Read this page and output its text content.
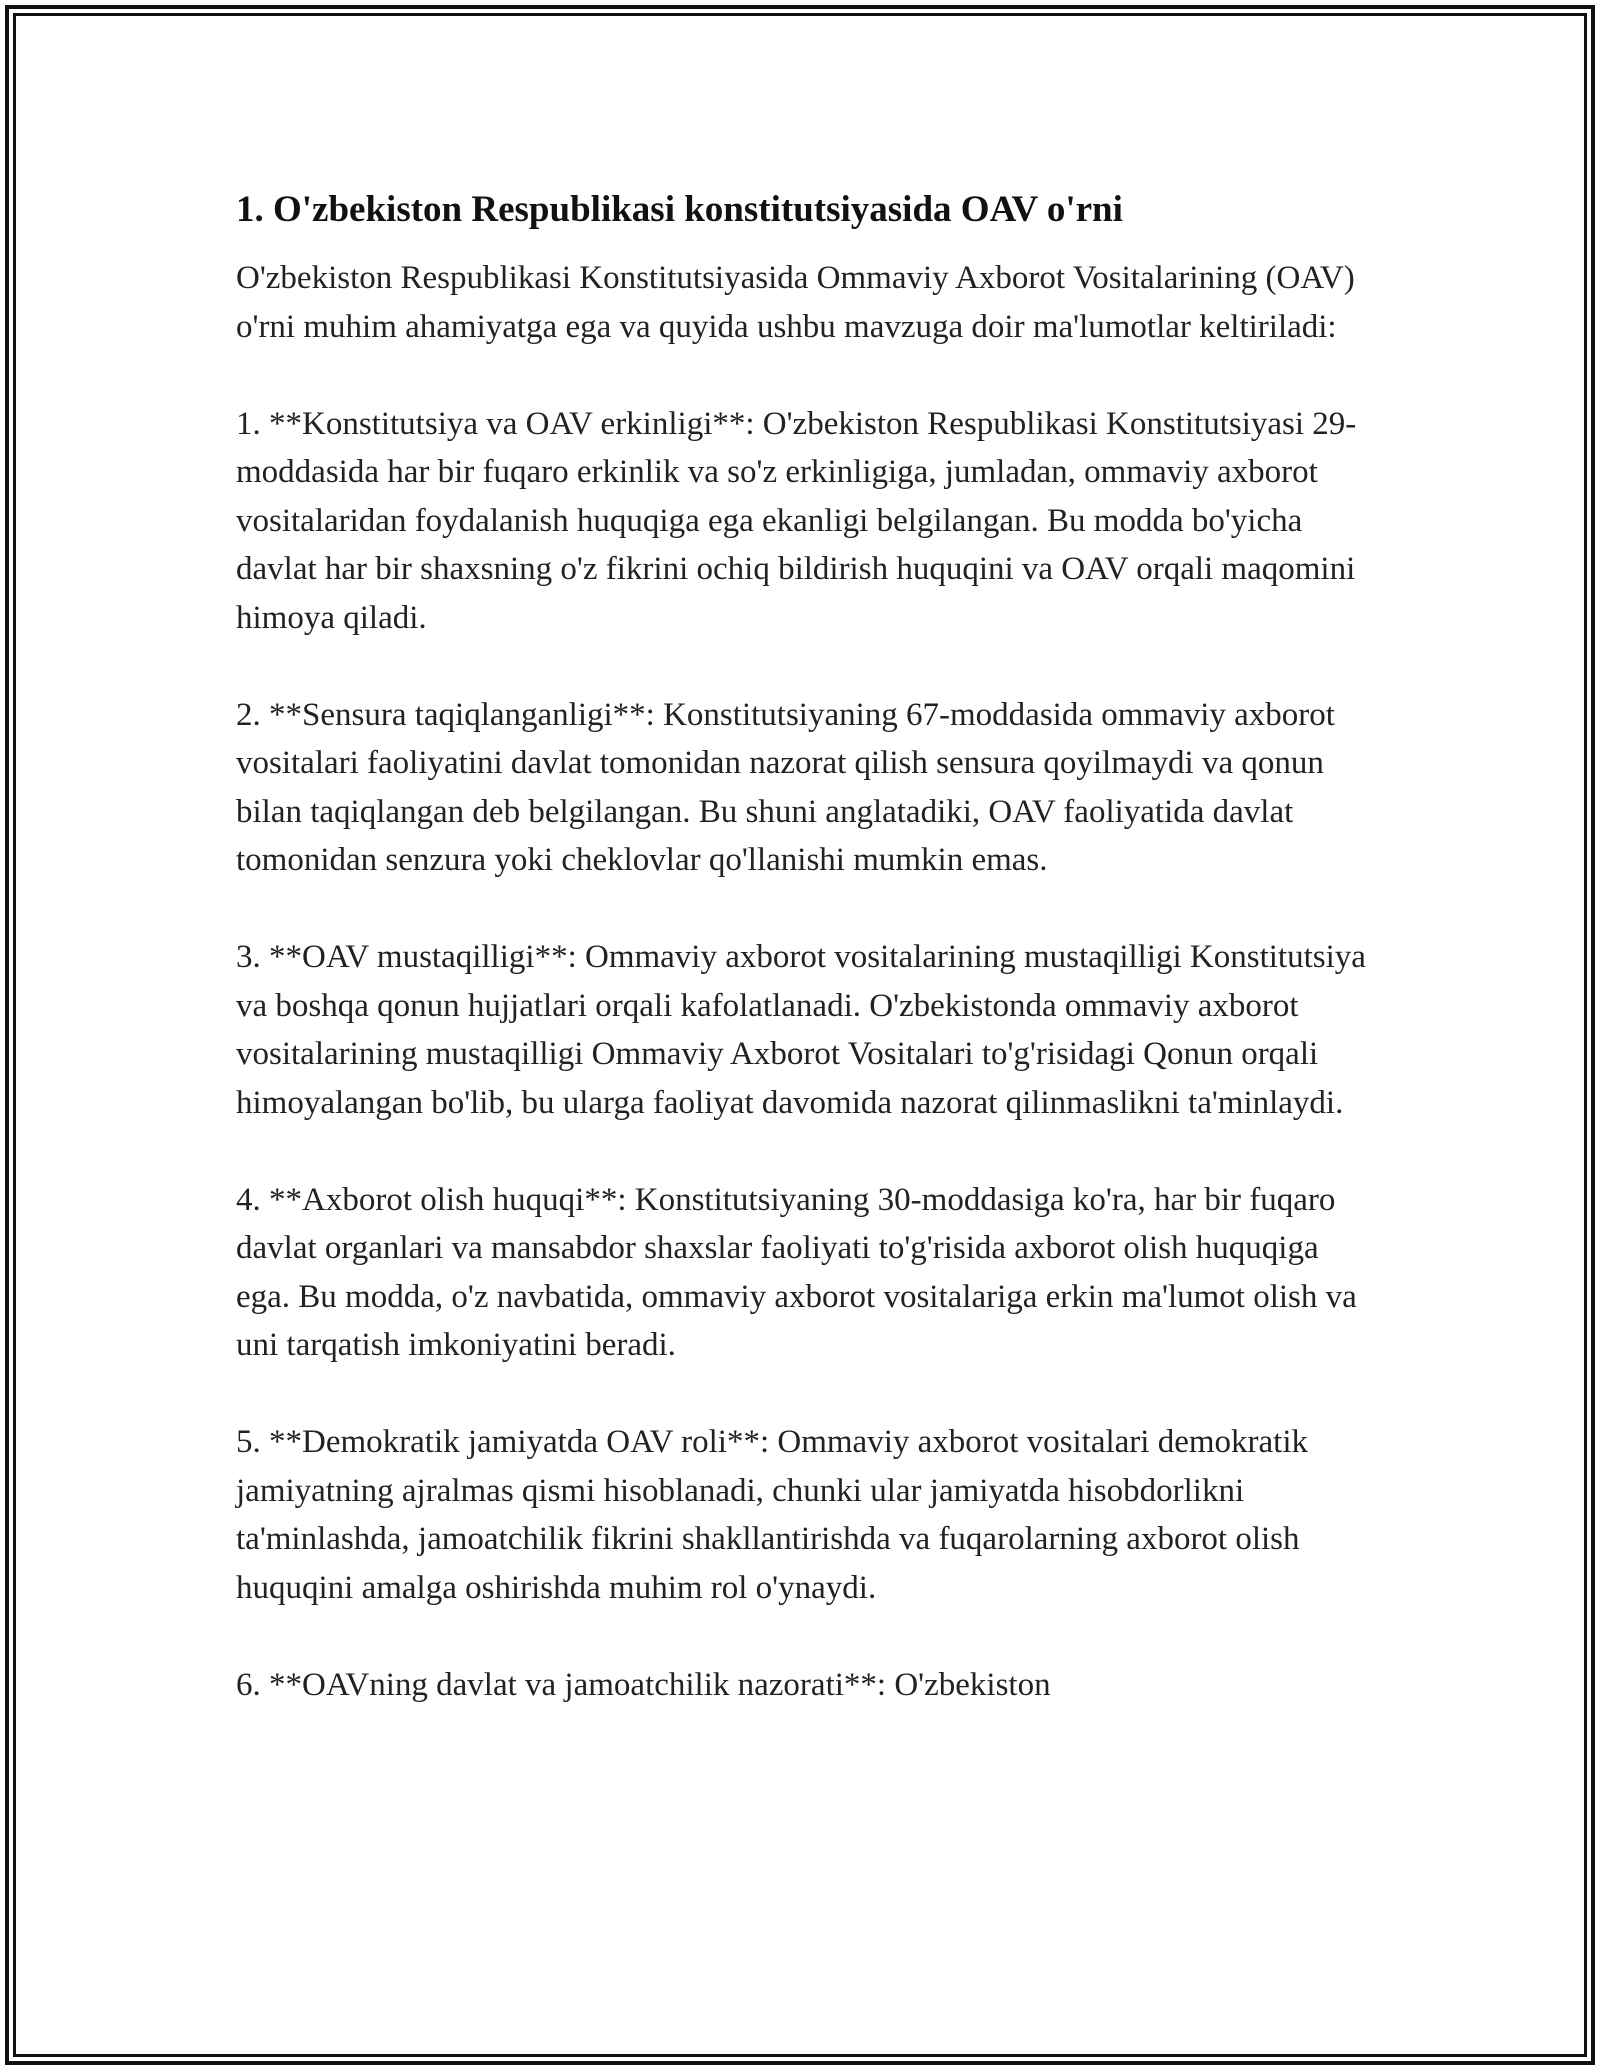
1. O'zbekiston Respublikasi konstitutsiyasida OAV o'rni

O'zbekiston Respublikasi Konstitutsiyasida Ommaviy Axborot Vositalarining (OAV) o'rni muhim ahamiyatga ega va quyida ushbu mavzuga doir ma'lumotlar keltiriladi:

1. **Konstitutsiya va OAV erkinligi**: O'zbekiston Respublikasi Konstitutsiyasi 29-moddasida har bir fuqaro erkinlik va so'z erkinligiga, jumladan, ommaviy axborot vositalaridan foydalanish huquqiga ega ekanligi belgilangan. Bu modda bo'yicha davlat har bir shaxsning o'z fikrini ochiq bildirish huquqini va OAV orqali maqomini himoya qiladi.

2. **Sensura taqiqlanganligi**: Konstitutsiyaning 67-moddasida ommaviy axborot vositalari faoliyatini davlat tomonidan nazorat qilish sensura qoyilmaydi va qonun bilan taqiqlangan deb belgilangan. Bu shuni anglatadiki, OAV faoliyatida davlat tomonidan senzura yoki cheklovlar qo'llanishi mumkin emas.

3. **OAV mustaqilligi**: Ommaviy axborot vositalarining mustaqilligi Konstitutsiya va boshqa qonun hujjatlari orqali kafolatlanadi. O'zbekistonda ommaviy axborot vositalarining mustaqilligi Ommaviy Axborot Vositalari to'g'risidagi Qonun orqali himoyalangan bo'lib, bu ularga faoliyat davomida nazorat qilinmaslikni ta'minlaydi.

4. **Axborot olish huquqi**: Konstitutsiyaning 30-moddasiga ko'ra, har bir fuqaro davlat organlari va mansabdor shaxslar faoliyati to'g'risida axborot olish huquqiga ega. Bu modda, o'z navbatida, ommaviy axborot vositalariga erkin ma'lumot olish va uni tarqatish imkoniyatini beradi.

5. **Demokratik jamiyatda OAV roli**: Ommaviy axborot vositalari demokratik jamiyatning ajralmas qismi hisoblanadi, chunki ular jamiyatda hisobdorlikni ta'minlashda, jamoatchilik fikrini shakllantirishda va fuqarolarning axborot olish huquqini amalga oshirishda muhim rol o'ynaydi.

6. **OAVning davlat va jamoatchilik nazorati**: O'zbekiston
